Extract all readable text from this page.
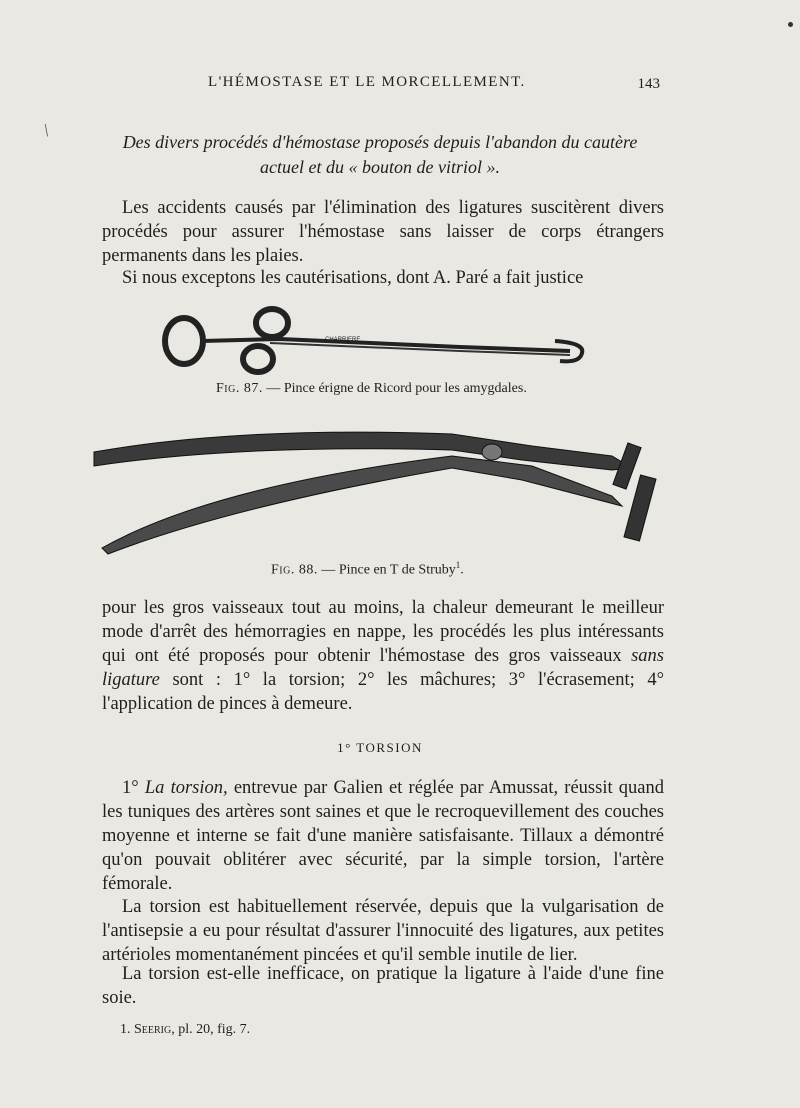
/
L'HÉMOSTASE ET LE MORCELLEMENT.	143
Des divers procédés d'hémostase proposés depuis l'abandon du cautère
actuel et du « bouton de vitriol ».

Les accidents causés par l'élimination des ligatures suscitèrent divers procédés pour assurer l'hémostase sans laisser de corps étrangers permanents dans les plaies.

Si nous exceptons les cautérisations, dont A. Paré a fait justice

CHARRIERE
Fig. 87. — Pince érigne de Ricord pour les amygdales.
Fig. 88. — Pince en T de Struby$^1$.

pour les gros vaisseaux tout au moins, la chaleur demeurant le meilleur mode d'arrêt des hémorragies en nappe, les procédés les plus intéressants qui ont été proposés pour obtenir l'hémostase des gros vaisseaux sans ligature sont : 1° la torsion; 2° les mâchures; 3° l'écrasement; 4° l'application de pinces à demeure.

1° TORSION

1° La torsion, entrevue par Galien et réglée par Amussat, réussit quand les tuniques des artères sont saines et que le recroquevillement des couches moyenne et interne se fait d'une manière satisfaisante. Tillaux a démontré qu'on pouvait oblitérer avec sécurité, par la simple torsion, l'artère fémorale.

La torsion est habituellement réservée, depuis que la vulgarisation de l'antisepsie a eu pour résultat d'assurer l'innocuité des ligatures, aux petites artérioles momentanément pincées et qu'il semble inutile de lier.

La torsion est-elle inefficace, on pratique la ligature à l'aide d'une fine soie.

1. Seerig, pl. 20, fig. 7.
